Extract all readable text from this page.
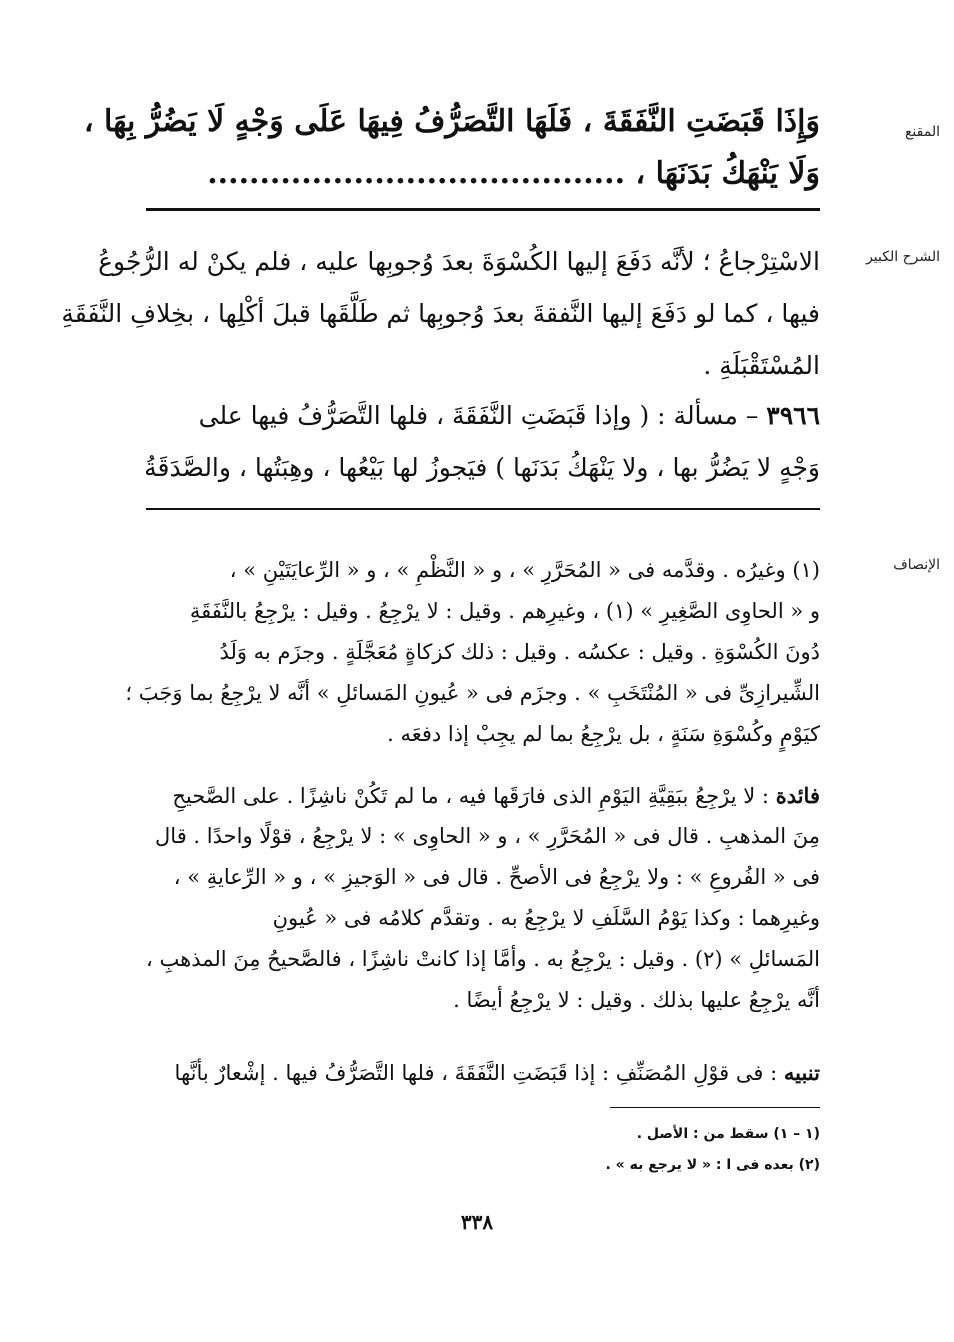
المقنع
الشرح الكبير
الإنصاف
وَإِذَا قَبَضَتِ النَّفَقَةَ ، فَلَهَا التَّصَرُّفُ فِيهَا عَلَى وَجْهٍ لَا يَضُرُّ بِهَا ،
وَلَا يَنْهَكُ بَدَنَهَا ، ........................................
الاسْتِرْجاعُ ؛ لأنَّه دَفَعَ إليها الكُسْوَةَ بعدَ وُجوبِها عليه ، فلم يكنْ له الرُّجُوعُ
فيها ، كما لو دَفَعَ إليها النَّفقةَ بعدَ وُجوبِها ثم طَلَّقَها قبلَ أكْلِها ، بخِلافِ النَّفَقَةِ
المُسْتَقْبَلَةِ .
٣٩٦٦ – مسألة : ( وإذا قَبَضَتِ النَّفَقَةَ ، فلها التَّصَرُّفُ فيها على
وَجْهٍ لا يَضُرُّ بها ، ولا يَنْهَكُ بَدَنَها ) فيَجوزُ لها بَيْعُها ، وهِبَتُها ، والصَّدَقَةُ
(١) وغيرُه . وقدَّمه فى « المُحَرَّرِ » ، و « النَّظْمِ » ، و « الرِّعايَتَيْنِ » ،
و « الحاوِى الصَّغِيرِ » (١) ، وغيرِهم . وقيل : لا يرْجِعُ . وقيل : يرْجِعُ بالنَّفَقَةِ
دُونَ الكُسْوَةِ . وقيل : عكسُه . وقيل : ذلك كزكاةٍ مُعَجَّلَةٍ . وجزَم به وَلَدُ
الشِّيرازِىِّ فى « المُنْتَخَبِ » . وجزَم فى « عُيونِ المَسائلِ » أنَّه لا يرْجِعُ بما وَجَبَ ؛
كيَوْمٍ وكُسْوَةِ سَنَةٍ ، بل يرْجِعُ بما لم يجِبْ إذا دفعَه .
فائدة : لا يرْجِعُ ببَقِيَّةِ اليَوْمِ الذى فارَقَها فيه ، ما لم تَكُنْ ناشِزًا . على الصَّحيحِ
مِنَ المذهبِ . قال فى « المُحَرَّرِ » ، و « الحاوِى » : لا يرْجِعُ ، قوْلًا واحدًا . قال
فى « الفُروعِ » : ولا يرْجِعُ فى الأصحِّ . قال فى « الوَجيزِ » ، و « الرِّعايةِ » ،
وغيرِهما : وكذا يَوْمُ السَّلَفِ لا يرْجِعُ به . وتقدَّم كلامُه فى « عُيونِ
المَسائلِ » (٢) . وقيل : يرْجِعُ به . وأمَّا إذا كانتْ ناشِزًا ، فالصَّحيحُ مِنَ المذهبِ ،
أنَّه يرْجِعُ عليها بذلك . وقيل : لا يرْجِعُ أيضًا .
تنبيه : فى قوْلِ المُصَنِّفِ : إذا قَبَضَتِ النَّفَقَةَ ، فلها التَّصَرُّفُ فيها . إشْعارٌ بأنَّها
(١ – ١) سقط من : الأصل .
(٢) بعده فى ا : « لا يرجع به » .
٣٣٨
